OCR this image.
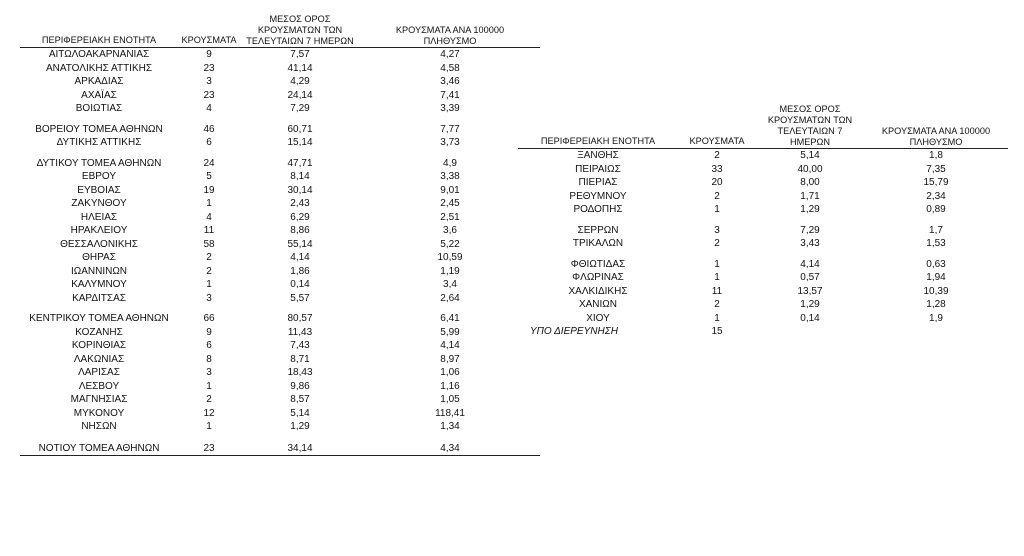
ΠΕΡΙΦΕΡΕΙΑΚΗ ΕΝΟΤΗΤΑ	ΚΡΟΥΣΜΑΤΑ	ΜΕΣΟΣ ΟΡΟΣ ΚΡΟΥΣΜΑΤΩΝ ΤΩΝ ΤΕΛΕΥΤΑΙΩΝ 7 ΗΜΕΡΩΝ	ΚΡΟΥΣΜΑΤΑ ΑΝΑ 100000 ΠΛΗΘΥΣΜΟ
ΑΙΤΩΛΟΑΚΑΡΝΑΝΙΑΣ	9	7,57	4,27
ΑΝΑΤΟΛΙΚΗΣ ΑΤΤΙΚΗΣ	23	41,14	4,58
ΑΡΚΑΔΙΑΣ	3	4,29	3,46
ΑΧΑΪΑΣ	23	24,14	7,41
ΒΟΙΩΤΙΑΣ	4	7,29	3,39

ΒΟΡΕΙΟΥ ΤΟΜΕΑ ΑΘΗΝΩΝ	46	60,71	7,77
ΔΥΤΙΚΗΣ ΑΤΤΙΚΗΣ	6	15,14	3,73

ΔΥΤΙΚΟΥ ΤΟΜΕΑ ΑΘΗΝΩΝ	24	47,71	4,9
ΕΒΡΟΥ	5	8,14	3,38
ΕΥΒΟΙΑΣ	19	30,14	9,01
ΖΑΚΥΝΘΟΥ	1	2,43	2,45
ΗΛΕΙΑΣ	4	6,29	2,51
ΗΡΑΚΛΕΙΟΥ	11	8,86	3,6
ΘΕΣΣΑΛΟΝΙΚΗΣ	58	55,14	5,22
ΘΗΡΑΣ	2	4,14	10,59
ΙΩΑΝΝΙΝΩΝ	2	1,86	1,19
ΚΑΛΥΜΝΟΥ	1	0,14	3,4
ΚΑΡΔΙΤΣΑΣ	3	5,57	2,64

ΚΕΝΤΡΙΚΟΥ ΤΟΜΕΑ ΑΘΗΝΩΝ	66	80,57	6,41
ΚΟΖΑΝΗΣ	9	11,43	5,99
ΚΟΡΙΝΘΙΑΣ	6	7,43	4,14
ΛΑΚΩΝΙΑΣ	8	8,71	8,97
ΛΑΡΙΣΑΣ	3	18,43	1,06
ΛΕΣΒΟΥ	1	9,86	1,16
ΜΑΓΝΗΣΙΑΣ	2	8,57	1,05
ΜΥΚΟΝΟΥ	12	5,14	118,41
ΝΗΣΩΝ	1	1,29	1,34

ΝΟΤΙΟΥ ΤΟΜΕΑ ΑΘΗΝΩΝ	23	34,14	4,34
ΠΕΡΙΦΕΡΕΙΑΚΗ ΕΝΟΤΗΤΑ	ΚΡΟΥΣΜΑΤΑ	ΜΕΣΟΣ ΟΡΟΣ ΚΡΟΥΣΜΑΤΩΝ ΤΩΝ ΤΕΛΕΥΤΑΙΩΝ 7 ΗΜΕΡΩΝ	ΚΡΟΥΣΜΑΤΑ ΑΝΑ 100000 ΠΛΗΘΥΣΜΟ
ΞΑΝΘΗΣ	2	5,14	1,8
ΠΕΙΡΑΙΩΣ	33	40,00	7,35
ΠΙΕΡΙΑΣ	20	8,00	15,79
ΡΕΘΥΜΝΟΥ	2	1,71	2,34
ΡΟΔΟΠΗΣ	1	1,29	0,89

ΣΕΡΡΩΝ	3	7,29	1,7
ΤΡΙΚΑΛΩΝ	2	3,43	1,53

ΦΘΙΩΤΙΔΑΣ	1	4,14	0,63
ΦΛΩΡΙΝΑΣ	1	0,57	1,94
ΧΑΛΚΙΔΙΚΗΣ	11	13,57	10,39
ΧΑΝΙΩΝ	2	1,29	1,28
ΧΙΟΥ	1	0,14	1,9
ΥΠΟ ΔΙΕΡΕΥΝΗΣΗ	15		
